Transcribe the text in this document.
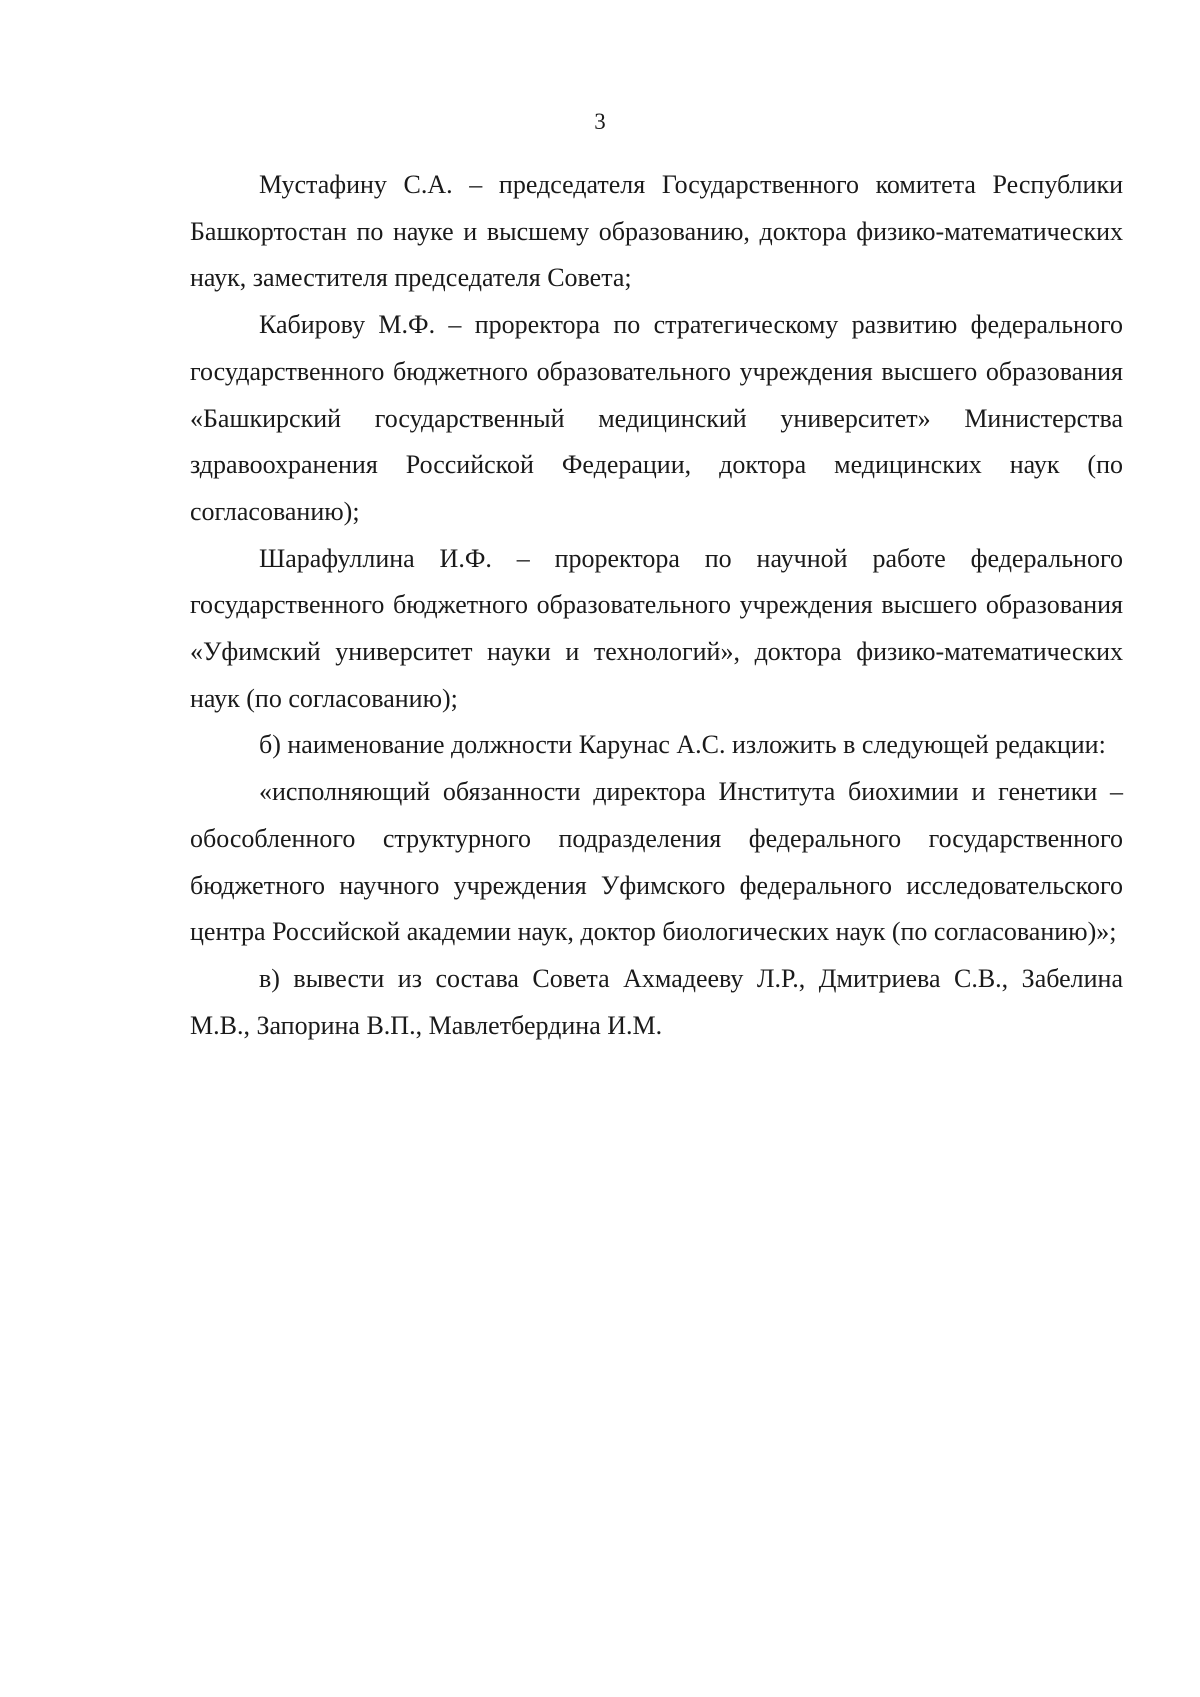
3

Мустафину С.А. – председателя Государственного комитета Республики Башкортостан по науке и высшему образованию, доктора физико-математических наук, заместителя председателя Совета;

Кабирову М.Ф. – проректора по стратегическому развитию федерального государственного бюджетного образовательного учреждения высшего образования «Башкирский государственный медицинский университет» Министерства здравоохранения Российской Федерации, доктора медицинских наук (по согласованию);

Шарафуллина И.Ф. – проректора по научной работе федерального государственного бюджетного образовательного учреждения высшего образования «Уфимский университет науки и технологий», доктора физико-математических наук (по согласованию);

б) наименование должности Карунас А.С. изложить в следующей редакции:

«исполняющий обязанности директора Института биохимии и генетики – обособленного структурного подразделения федерального государственного бюджетного научного учреждения Уфимского федерального исследовательского центра Российской академии наук, доктор биологических наук (по согласованию)»;

в) вывести из состава Совета Ахмадееву Л.Р., Дмитриева С.В., Забелина М.В., Запорина В.П., Мавлетбердина И.М.
